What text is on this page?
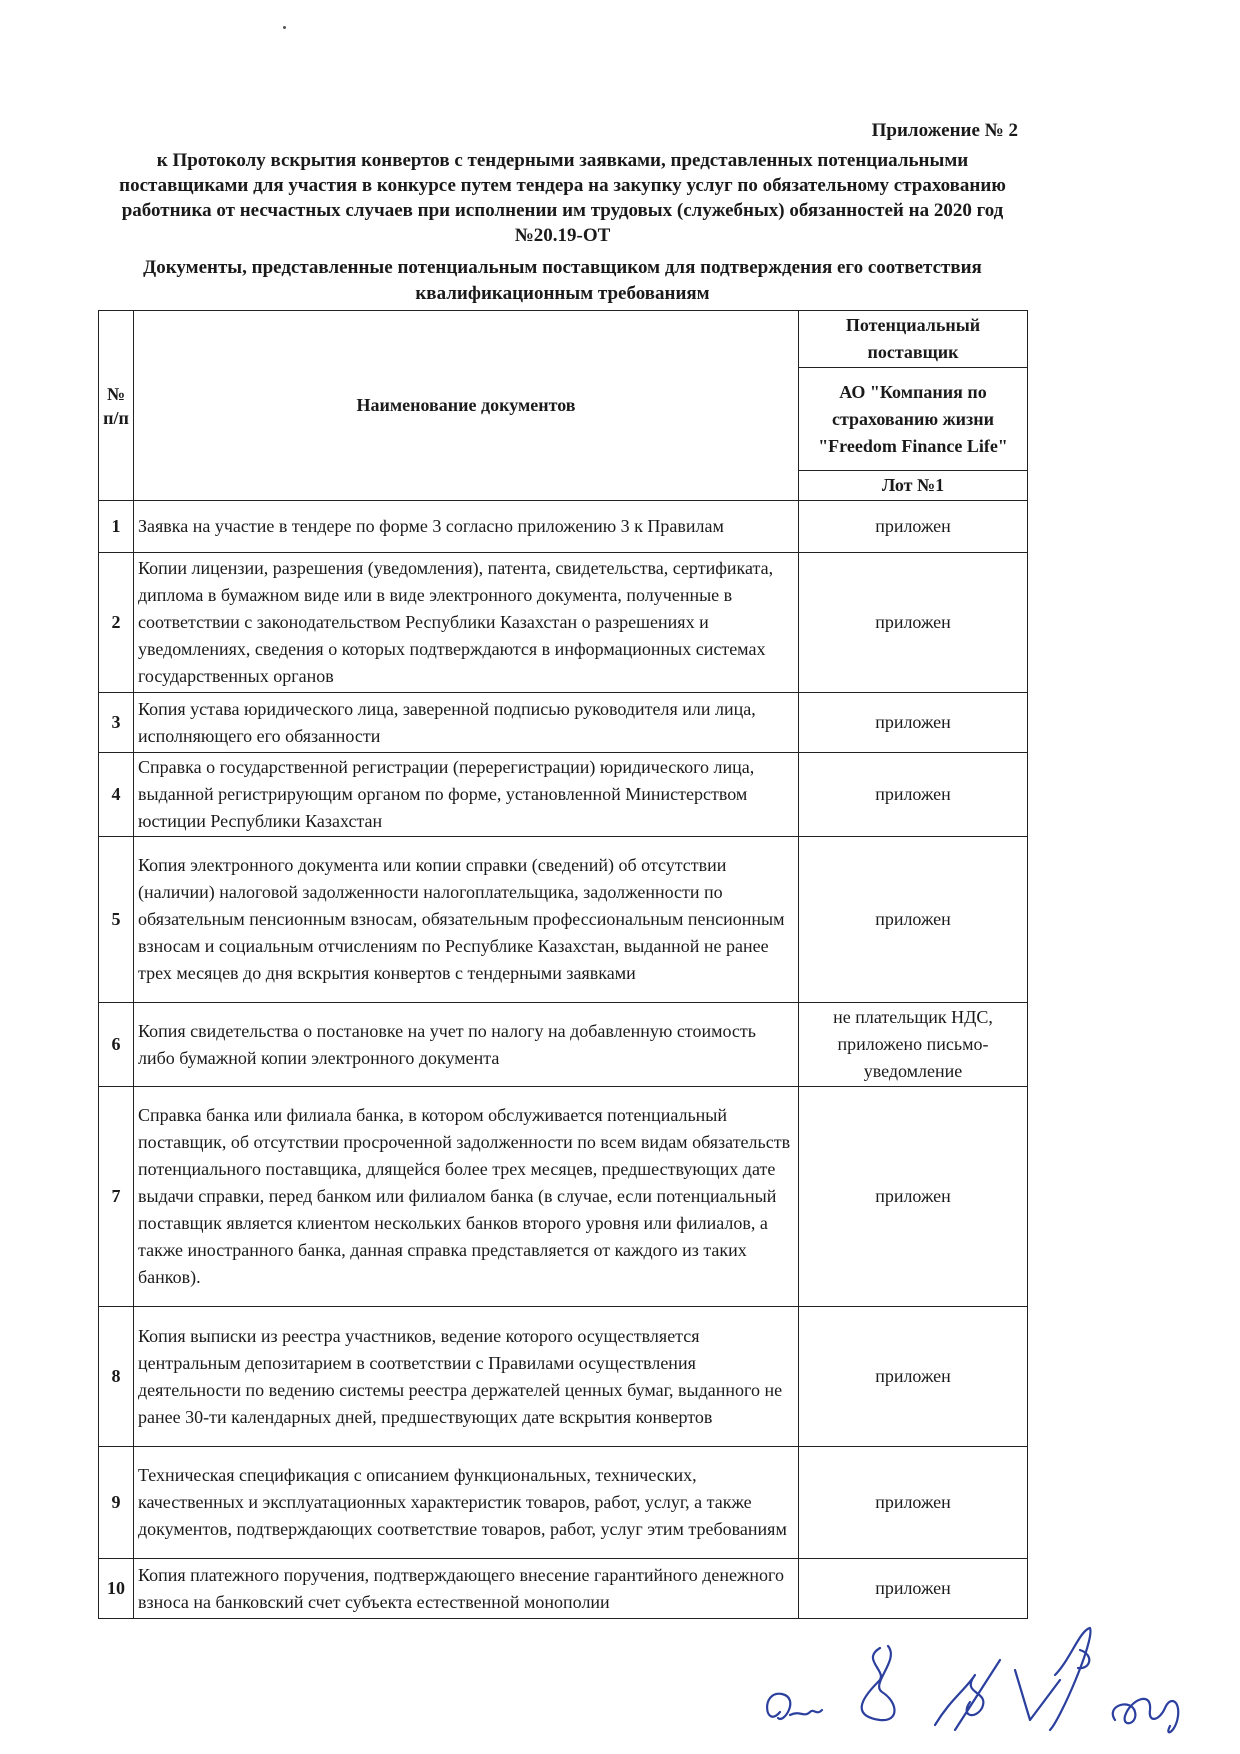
Приложение № 2
к Протоколу вскрытия конвертов с тендерными заявками, представленных потенциальными поставщиками для участия в конкурсе путем тендера на закупку услуг по обязательному страхованию работника от несчастных случаев при исполнении им трудовых (служебных) обязанностей на 2020 год №20.19-ОТ
Документы, представленные потенциальным поставщиком для подтверждения его соответствия квалификационным требованиям
№ п/п	Наименование документов	Потенциальный поставщик
		АО "Компания по страхованию жизни "Freedom Finance Life"
		Лот №1
1	Заявка на участие в тендере по форме 3 согласно приложению 3 к Правилам	приложен
2	Копии лицензии, разрешения (уведомления), патента, свидетельства, сертификата, диплома в бумажном виде или в виде электронного документа, полученные в соответствии с законодательством Республики Казахстан о разрешениях и уведомлениях, сведения о которых подтверждаются в информационных системах государственных органов	приложен
3	Копия устава юридического лица, заверенной подписью руководителя или лица, исполняющего его обязанности	приложен
4	Справка о государственной регистрации (перерегистрации) юридического лица, выданной регистрирующим органом по форме, установленной Министерством юстиции Республики Казахстан	приложен
5	Копия электронного документа или копии справки (сведений) об отсутствии (наличии) налоговой задолженности налогоплательщика, задолженности по обязательным пенсионным взносам, обязательным профессиональным пенсионным взносам и социальным отчислениям по Республике Казахстан, выданной не ранее трех месяцев до дня вскрытия конвертов с тендерными заявками	приложен
6	Копия свидетельства о постановке на учет по налогу на добавленную стоимость либо бумажной копии электронного документа	не плательщик НДС, приложено письмо-уведомление
7	Справка банка или филиала банка, в котором обслуживается потенциальный поставщик, об отсутствии просроченной задолженности по всем видам обязательств потенциального поставщика, длящейся более трех месяцев, предшествующих дате выдачи справки, перед банком или филиалом банка (в случае, если потенциальный поставщик является клиентом нескольких банков второго уровня или филиалов, а также иностранного банка, данная справка представляется от каждого из таких банков).	приложен
8	Копия выписки из реестра участников, ведение которого осуществляется центральным депозитарием в соответствии с Правилами осуществления деятельности по ведению системы реестра держателей ценных бумаг, выданного не ранее 30-ти календарных дней, предшествующих дате вскрытия конвертов	приложен
9	Техническая спецификация с описанием функциональных, технических, качественных и эксплуатационных характеристик товаров, работ, услуг, а также документов, подтверждающих соответствие товаров, работ, услуг этим требованиям	приложен
10	Копия платежного поручения, подтверждающего внесение гарантийного денежного взноса на банковский счет субъекта естественной монополии	приложен
